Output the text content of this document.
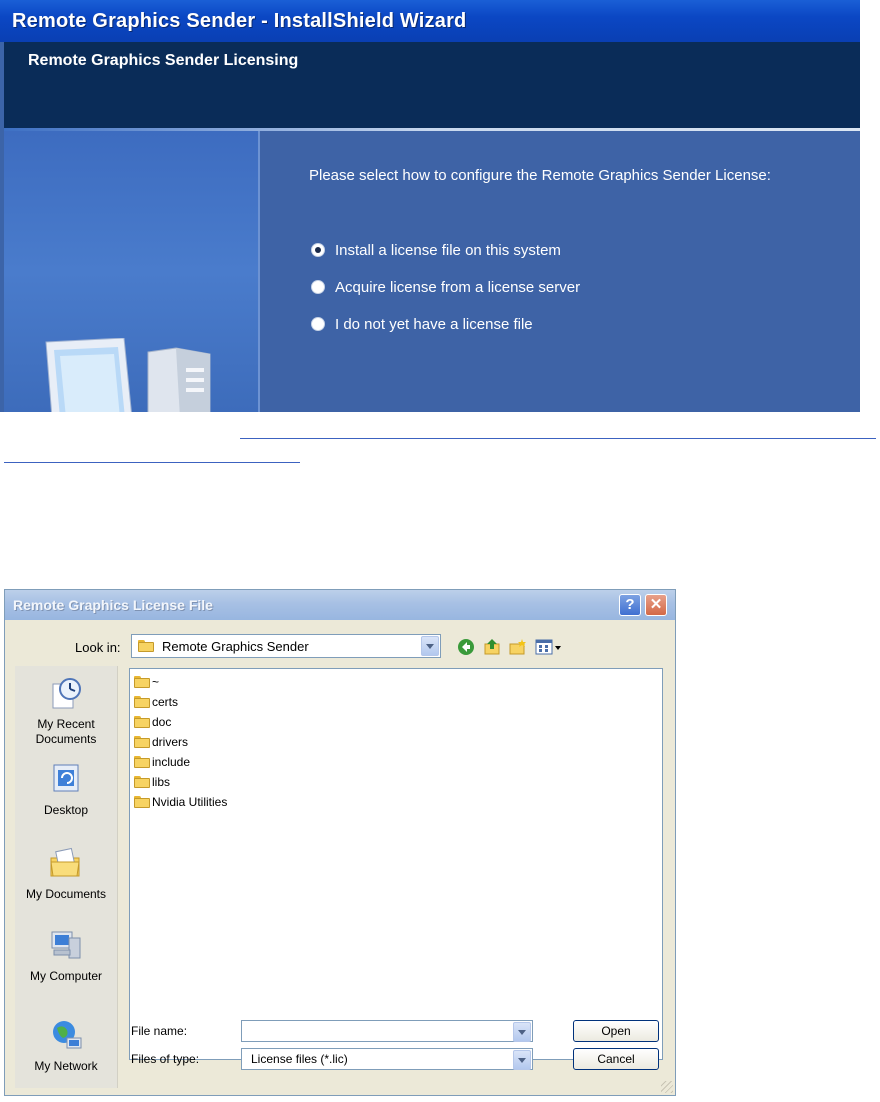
Remote Graphics Sender - InstallShield Wizard
Remote Graphics Sender Licensing
Please select how to configure the Remote Graphics Sender License:
Install a license file on this system
Acquire license from a license server
I do not yet have a license file
Remote Graphics License File	?	✕
Look in:	Remote Graphics Sender
My Recent Documents
Desktop
My Documents
My Computer
My Network
~
certs
doc
drivers
include
libs
Nvidia Utilities
File name:
Files of type:	License files (*.lic)
Open
Cancel
